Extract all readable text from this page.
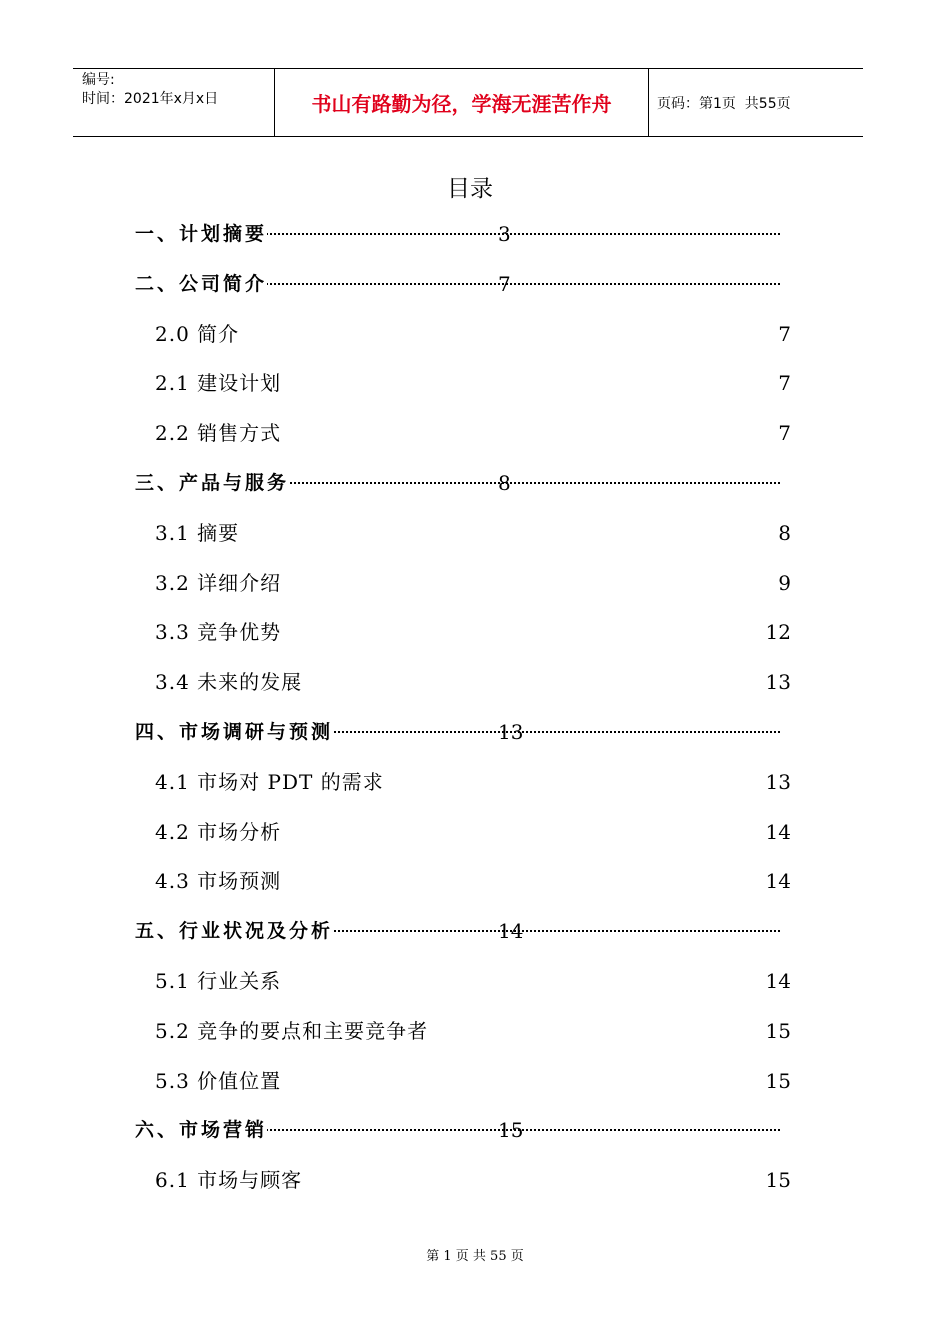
编号:
时间：2021年x月x日	书山有路勤为径，学海无涯苦作舟	页码：第1页  共55页
目录
一、计划摘要	3
二、公司简介	7
2.0 简介	7
2.1 建设计划	7
2.2 销售方式	7
三、产品与服务	8
3.1 摘要	8
3.2 详细介绍	9
3.3 竞争优势	12
3.4 未来的发展	13
四、市场调研与预测	13
4.1 市场对 PDT 的需求	13
4.2 市场分析	14
4.3 市场预测	14
五、行业状况及分析	14
5.1 行业关系	14
5.2 竞争的要点和主要竞争者	15
5.3 价值位置	15
六、市场营销	15
6.1 市场与顾客	15
第 1 页 共 55 页
